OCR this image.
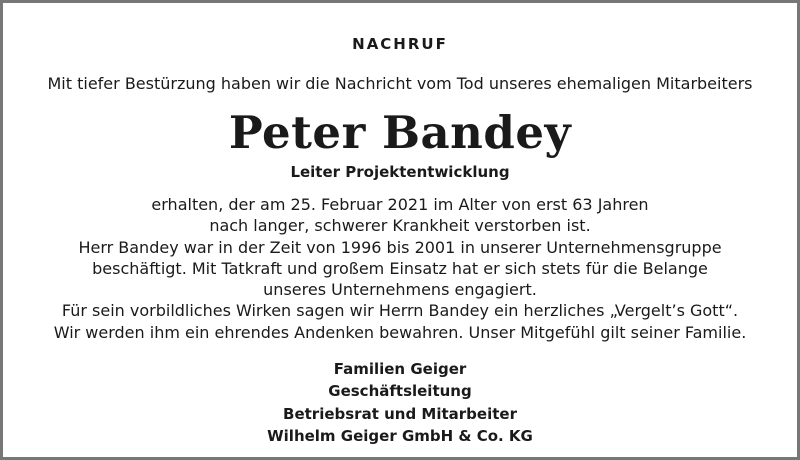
NACHRUF
Mit tiefer Bestürzung haben wir die Nachricht vom Tod unseres ehemaligen Mitarbeiters
Peter Bandey
Leiter Projektentwicklung
erhalten, der am 25. Februar 2021 im Alter von erst 63 Jahren
nach langer, schwerer Krankheit verstorben ist.
Herr Bandey war in der Zeit von 1996 bis 2001 in unserer Unternehmensgruppe
beschäftigt. Mit Tatkraft und großem Einsatz hat er sich stets für die Belange
unseres Unternehmens engagiert.
Für sein vorbildliches Wirken sagen wir Herrn Bandey ein herzliches „Vergelt’s Gott“.
Wir werden ihm ein ehrendes Andenken bewahren. Unser Mitgefühl gilt seiner Familie.
Familien Geiger
Geschäftsleitung
Betriebsrat und Mitarbeiter
Wilhelm Geiger GmbH & Co. KG
